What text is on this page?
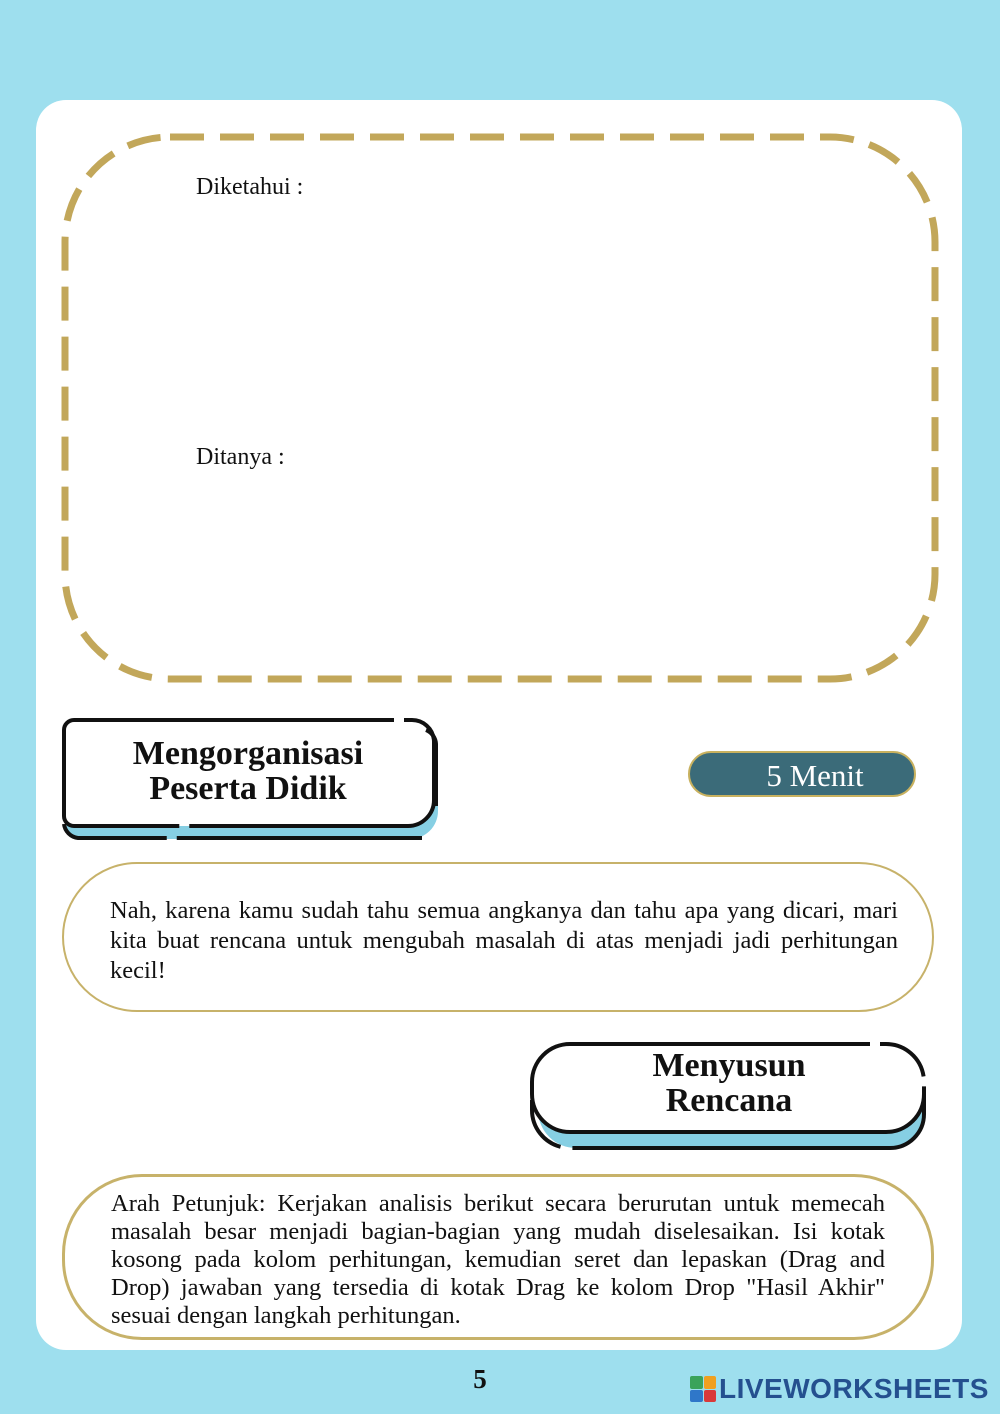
Diketahui :
Ditanya :
Mengorganisasi
Peserta Didik	5 Menit

Nah, karena kamu sudah tahu semua angkanya dan tahu apa yang dicari, mari kita buat rencana untuk mengubah masalah di atas menjadi jadi perhitungan kecil!

Menyusun
Rencana

Arah Petunjuk: Kerjakan analisis berikut secara berurutan untuk memecah masalah besar menjadi bagian-bagian yang mudah diselesaikan. Isi kotak kosong pada kolom perhitungan, kemudian seret dan lepaskan (Drag and Drop) jawaban yang tersedia di kotak Drag ke kolom Drop "Hasil Akhir" sesuai dengan langkah perhitungan.

5	LIVEWORKSHEETS
